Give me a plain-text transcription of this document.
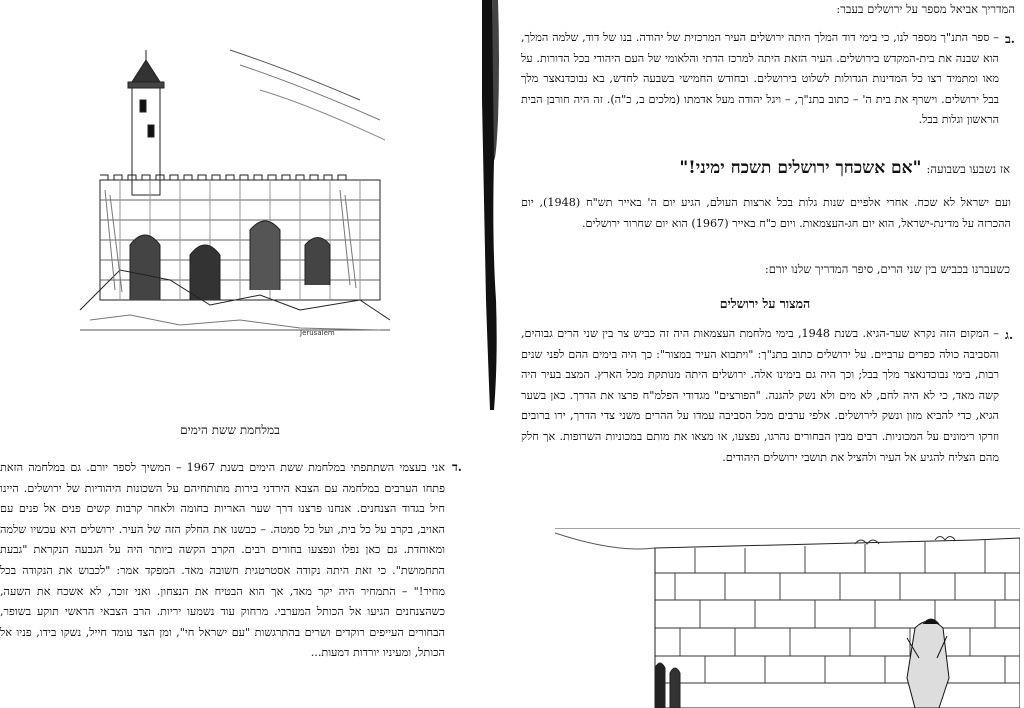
Jerusalem
במלחמת ששת הימים
ד.
אני בעצמי השתתפתי במלחמת ששת הימים בשנת 1967 – המשיך לספר יורם. גם במלחמה הזאת פתחו הערבים במלחמה עם הצבא הירדני בירות מתותחיהם על השכונות היהודיות של ירושלים. היינו חיל בגדוד הצנחנים. אנחנו פרצנו דרך שער האריות בחומה ולאחר קרבות קשים פנים אל פנים עם האויב, בקרב על כל בית, ועל כל סמטה. – כבשנו את החלק הזה של העיר. ירושלים היא עכשיו שלמה ומאוחדת. גם כאן נפלו ונפצעו בחורים רבים. הקרב הקשה ביותר היה על הגבעה הנקראת "גבעת התחמושת". כי זאת היתה נקודה אסטרטגית חשובה מאד. המפקד אמר: "לכבוש את הנקודה בכל מחיר!" – התמחיר היה יקר מאד, אך הוא הבטיח את הנצחון. ואני זוכר, לא אשכח את השעה, כשהצנחנים הגיעו אל הכותל המערבי. מרחוק עוד נשמעו יריות. הרב הצבאי הראשי תוקע בשופר, הבחורים העייפים רוקדים ושרים בהתרגשות "עם ישראל חי", ומן הצד עומד חייל, נשקו בידו, פניו אל הכותל, ומעיניו יורדות דמעות...
המדריך אביאל מספר על ירושלים בעבר:
ב.
– ספר התנ"ך מספר לנו, כי בימי דוד המלך היתה ירושלים העיר המרכזית של יהודה. בנו של דוד, שלמה המלך, הוא שבנה את בית-המקדש בירושלים. העיר הזאת היתה למרכז הדתי והלאומי של העם היהודי בכל הדורות. על מאו ומתמיד רצו כל המדינות הגדולות לשלוט בירושלים. ובחודש החמישי בשבעה לחדש, בא נבוכדנאצר מלך בבל ירושלים. וישרף את בית ה' – כתוב בתנ"ך, – ויגל יהודה מעל אדמתו (מלכים ב, כ"ה). זה היה חורבן הבית הראשון וגלות בבל.
אז נשבעו בשבועה: "אם אשכחך ירושלים תשכח ימיני!"
ועם ישראל לא שכח. אחרי אלפיים שנות גלות בכל ארצות העולם, הגיע יום ה' באייר תש"ח (1948), יום ההכרזה על מדינת-ישראל, הוא יום חג-העצמאות. ויום כ"ח באייר (1967) הוא יום שחרור ירושלים.
כשעברנו בכביש בין שני הרים, סיפר המדריך שלנו יורם:
המצור על ירושלים
ג.
– המקום הזה נקרא שער-הגיא. בשנת 1948, בימי מלחמת העצמאות היה זה כביש צר בין שני הרים גבוהים, והסביבה כולה כפרים ערביים. על ירושלים כתוב בתנ"ך: "ויתבוא העיר במצור": כך היה בימים ההם לפני שנים רבות, בימי נבוכדנאצר מלך בבל; וכך היה גם בימינו אלה. ירושלים היתה מנותקת מכל הארץ. המצב בעיר היה קשה מאד, כי לא היה לחם, לא מים ולא נשק להגנה. "הפורצים" מגדודי הפלמ"ח פרצו את הדרך. כאן בשער הגיא, כדי להביא מזון ונשק לירושלים. אלפי ערבים מכל הסביבה עמדו על ההרים משני צדי הדרך, ירו ברובים וזרקו רימונים על המכוניות. רבים מבין הבחורים נהרגו, נפצעו, או מצאו את מותם במכוניות השרופות. אך חלק מהם הצליח להגיע אל העיר ולהציל את תושבי ירושלים היהודים.
